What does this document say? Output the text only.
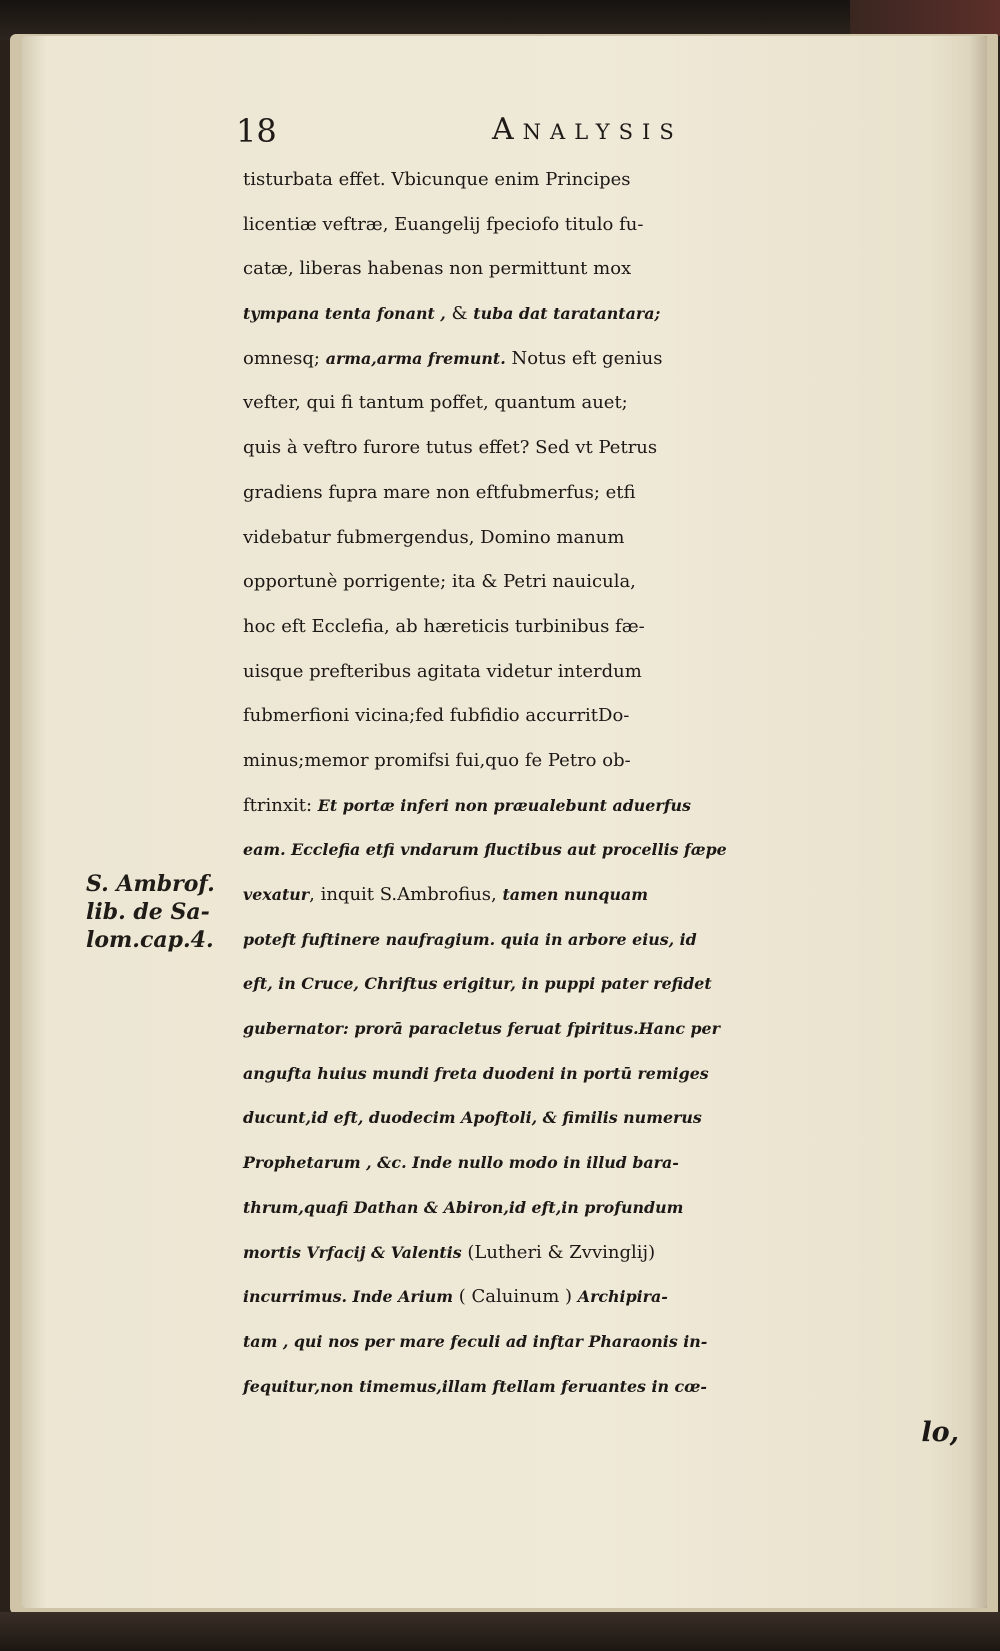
18	Analysis
S. Ambrof.
lib. de Sa-
lom.cap.4.
tisturbata effet. Vbicunque enim Principes
licentiæ veftræ, Euangelij fpeciofo titulo fu-
catæ, liberas habenas non permittunt mox
tympana tenta fonant , & tuba dat taratantara;
omnesq; arma,arma fremunt. Notus eft genius
vefter, qui fi tantum poffet, quantum auet;
quis à veftro furore tutus effet? Sed vt Petrus
gradiens fupra mare non eftfubmerfus; etfi
videbatur fubmergendus, Domino manum
opportunè porrigente; ita & Petri nauicula,
hoc eft Ecclefia, ab hæreticis turbinibus fæ-
uisque prefteribus agitata videtur interdum
fubmerfioni vicina;fed fubfidio accurritDo-
minus;memor promifsi fui,quo fe Petro ob-
ftrinxit: Et portæ inferi non præualebunt aduerfus
eam. Ecclefia etfi vndarum fluctibus aut procellis fæpe
vexatur, inquit S.Ambrofius, tamen nunquam
poteft fuftinere naufragium. quia in arbore eius, id
eft, in Cruce, Chriftus erigitur, in puppi pater refidet
gubernator: prorā paracletus feruat fpiritus.Hanc per
angufta huius mundi freta duodeni in portū remiges
ducunt,id eft, duodecim Apoftoli, & fimilis numerus
Prophetarum , &c. Inde nullo modo in illud bara-
thrum,quafi Dathan & Abiron,id eft,in profundum
mortis Vrfacij & Valentis (Lutheri & Zvvinglij)
incurrimus. Inde Arium ( Caluinum ) Archipira-
tam , qui nos per mare feculi ad inftar Pharaonis in-
fequitur,non timemus,illam ftellam feruantes in cœ-
lo,
